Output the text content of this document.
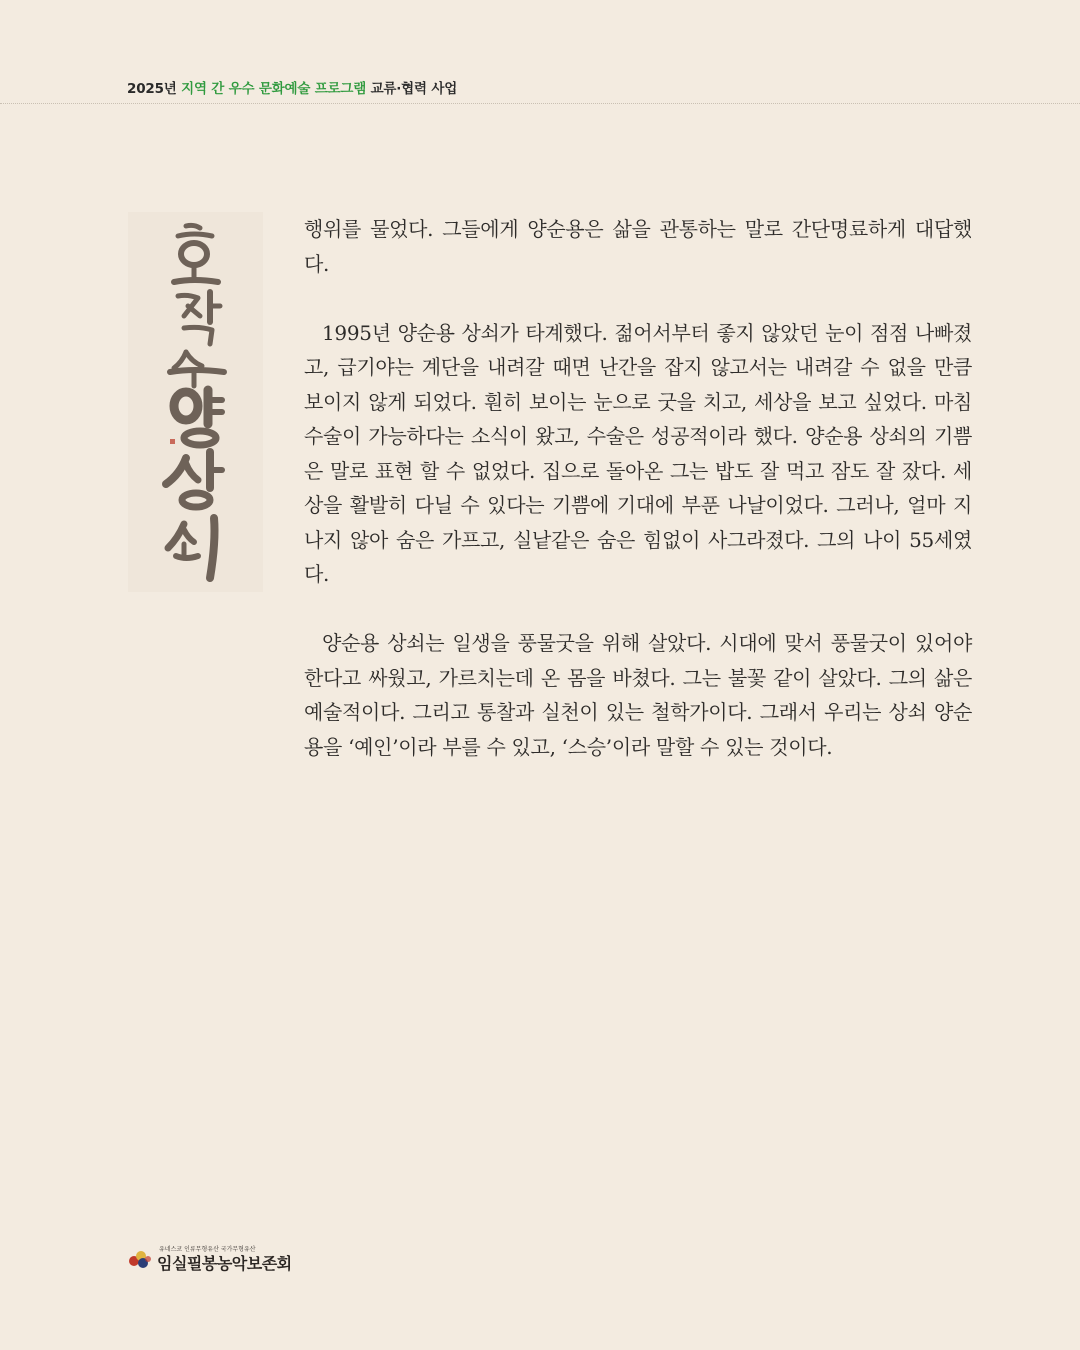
2025년 지역 간 우수 문화예술 프로그램 교류·협력 사업

행위를 물었다. 그들에게 양순용은 삶을 관통하는 말로 간단명료하게 대답했다.

1995년 양순용 상쇠가 타계했다. 젊어서부터 좋지 않았던 눈이 점점 나빠졌고, 급기야는 계단을 내려갈 때면 난간을 잡지 않고서는 내려갈 수 없을 만큼 보이지 않게 되었다. 훤히 보이는 눈으로 굿을 치고, 세상을 보고 싶었다. 마침 수술이 가능하다는 소식이 왔고, 수술은 성공적이라 했다. 양순용 상쇠의 기쁨은 말로 표현 할 수 없었다. 집으로 돌아온 그는 밥도 잘 먹고 잠도 잘 잤다. 세상을 활발히 다닐 수 있다는 기쁨에 기대에 부푼 나날이었다. 그러나, 얼마 지나지 않아 숨은 가프고, 실낱같은 숨은 힘없이 사그라졌다. 그의 나이 55세였다.

양순용 상쇠는 일생을 풍물굿을 위해 살았다. 시대에 맞서 풍물굿이 있어야 한다고 싸웠고, 가르치는데 온 몸을 바쳤다. 그는 불꽃 같이 살았다. 그의 삶은 예술적이다. 그리고 통찰과 실천이 있는 철학가이다. 그래서 우리는 상쇠 양순용을 ‘예인’이라 부를 수 있고, ‘스승’이라 말할 수 있는 것이다.

유네스코 인류무형유산 국가무형유산
임실필봉농악보존회
